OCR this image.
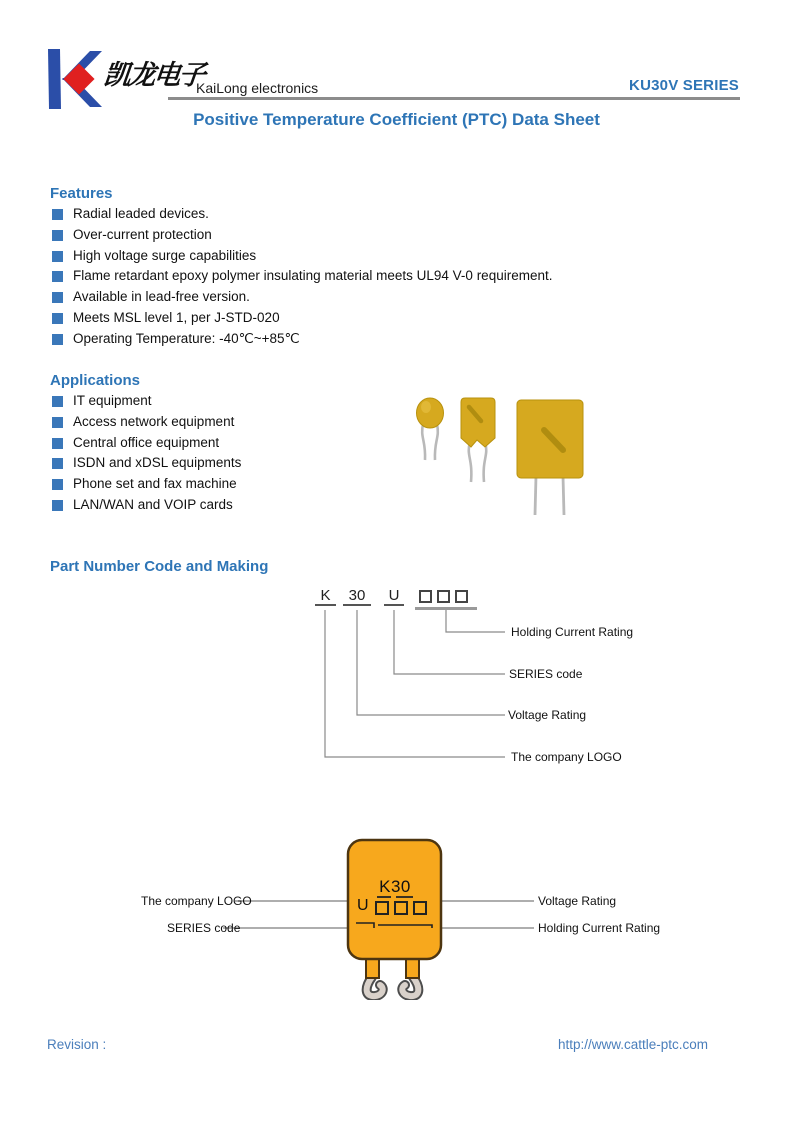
凯龙电子
KaiLong electronics	KU30V SERIES
Positive Temperature Coefficient (PTC) Data Sheet
Features
Radial leaded devices.
Over-current protection
High voltage surge capabilities
Flame retardant epoxy polymer insulating material meets UL94 V-0 requirement.
Available in lead-free version.
Meets MSL level 1, per J-STD-020
Operating Temperature: -40℃~+85℃
Applications
IT equipment
Access network equipment
Central office equipment
ISDN and xDSL equipments
Phone set and fax machine
LAN/WAN and VOIP cards
Part Number Code and Making
K	30	U
Holding Current Rating
SERIES code
Voltage Rating
The company LOGO
K30
U
The company LOGO
SERIES code
Voltage Rating
Holding Current Rating
Revision :	http://www.cattle-ptc.com
